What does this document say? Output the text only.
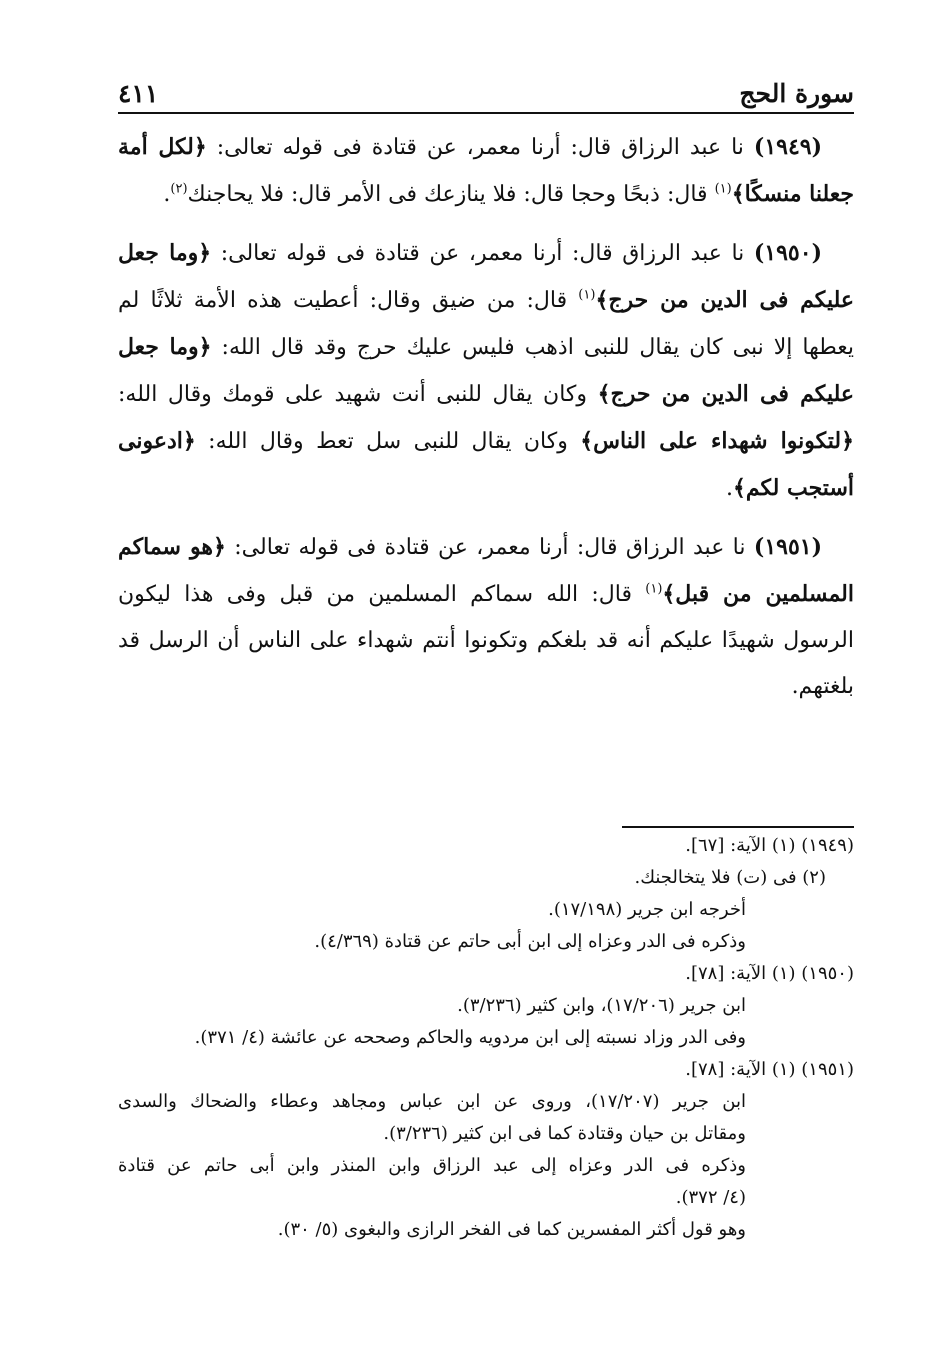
سورة الحج
٤١١

(١٩٤٩) نا عبد الرزاق قال: أرنا معمر، عن قتادة فى قوله تعالى: ﴿لكل أمة جعلنا منسكًا﴾$^{(١)}$ قال: ذبحًا وحجا قال: فلا ينازعك فى الأمر قال: فلا يحاجنك$^{(٢)}$.

(١٩٥٠) نا عبد الرزاق قال: أرنا معمر، عن قتادة فى قوله تعالى: ﴿وما جعل عليكم فى الدين من حرج﴾$^{(١)}$ قال: من ضيق وقال: أعطيت هذه الأمة ثلاثًا لم يعطها إلا نبى كان يقال للنبى اذهب فليس عليك حرج وقد قال الله: ﴿وما جعل عليكم فى الدين من حرج﴾ وكان يقال للنبى أنت شهيد على قومك وقال الله: ﴿لتكونوا شهداء على الناس﴾ وكان يقال للنبى سل تعط وقال الله: ﴿ادعونى أستجب لكم﴾.

(١٩٥١) نا عبد الرزاق قال: أرنا معمر، عن قتادة فى قوله تعالى: ﴿هو سماكم المسلمين من قبل﴾$^{(١)}$ قال: الله سماكم المسلمين من قبل وفى هذا ليكون الرسول شهيدًا عليكم أنه قد بلغكم وتكونوا أنتم شهداء على الناس أن الرسل قد بلغتهم.

(١٩٤٩) (١) الآية: [٦٧].
(٢) فى (ت) فلا يتخالجنك.
أخرجه ابن جرير (١٧/١٩٨).
وذكره فى الدر وعزاه إلى ابن أبى حاتم عن قتادة (٤/٣٦٩).
(١٩٥٠) (١) الآية: [٧٨].
ابن جرير (١٧/٢٠٦)، وابن كثير (٣/٢٣٦).
وفى الدر وزاد نسبته إلى ابن مردويه والحاكم وصححه عن عائشة (٤/ ٣٧١).
(١٩٥١) (١) الآية: [٧٨].
ابن جرير (١٧/٢٠٧)، وروى عن ابن عباس ومجاهد وعطاء والضحاك والسدى
ومقاتل بن حيان وقتادة كما فى ابن كثير (٣/٢٣٦).
وذكره فى الدر وعزاه إلى عبد الرزاق وابن المنذر وابن أبى حاتم عن قتادة
(٤/ ٣٧٢).
وهو قول أكثر المفسرين كما فى الفخر الرازى والبغوى (٥/ ٣٠).
